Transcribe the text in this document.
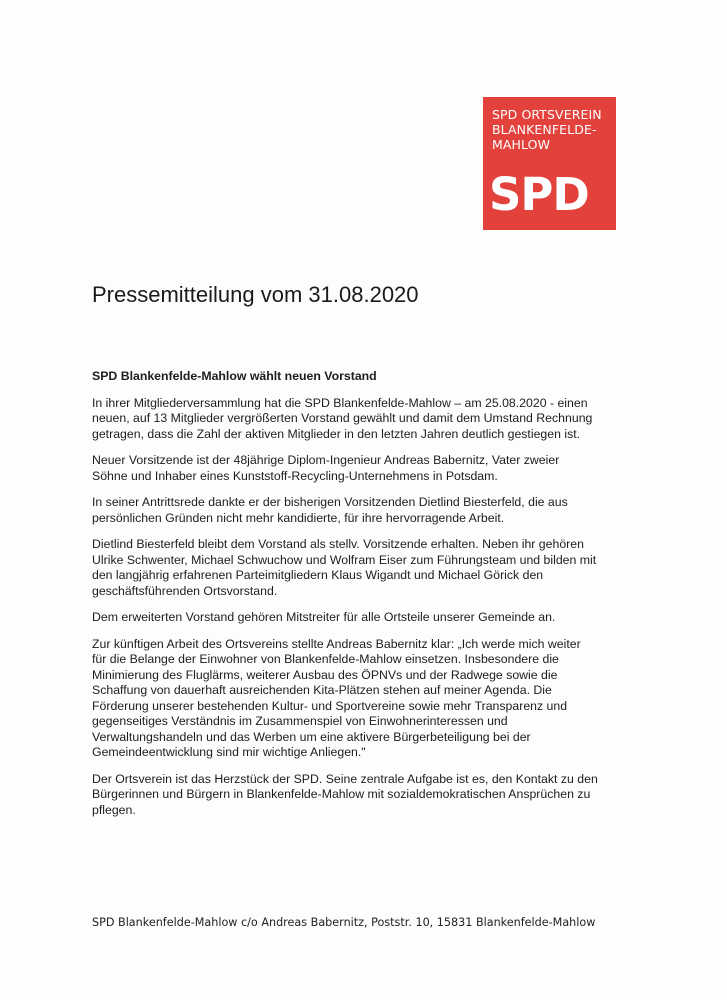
SPD ORTSVEREIN
BLANKENFELDE-
MAHLOW
SPD
Pressemitteilung vom 31.08.2020

SPD Blankenfelde-Mahlow wählt neuen Vorstand

In ihrer Mitgliederversammlung hat die SPD Blankenfelde-Mahlow – am 25.08.2020 - einen
neuen, auf 13 Mitglieder vergrößerten Vorstand gewählt und damit dem Umstand Rechnung
getragen, dass die Zahl der aktiven Mitglieder in den letzten Jahren deutlich gestiegen ist.

Neuer Vorsitzende ist der 48jährige Diplom-Ingenieur Andreas Babernitz, Vater zweier
Söhne und Inhaber eines Kunststoff-Recycling-Unternehmens in Potsdam.

In seiner Antrittsrede dankte er der bisherigen Vorsitzenden Dietlind Biesterfeld, die aus
persönlichen Gründen nicht mehr kandidierte, für ihre hervorragende Arbeit.

Dietlind Biesterfeld bleibt dem Vorstand als stellv. Vorsitzende erhalten. Neben ihr gehören
Ulrike Schwenter, Michael Schwuchow und Wolfram Eiser zum Führungsteam und bilden mit
den langjährig erfahrenen Parteimitgliedern Klaus Wigandt und Michael Görick den
geschäftsführenden Ortsvorstand.

Dem erweiterten Vorstand gehören Mitstreiter für alle Ortsteile unserer Gemeinde an.

Zur künftigen Arbeit des Ortsvereins stellte Andreas Babernitz klar: „Ich werde mich weiter
für die Belange der Einwohner von Blankenfelde-Mahlow einsetzen. Insbesondere die
Minimierung des Fluglärms, weiterer Ausbau des ÖPNVs und der Radwege sowie die
Schaffung von dauerhaft ausreichenden Kita-Plätzen stehen auf meiner Agenda. Die
Förderung unserer bestehenden Kultur- und Sportvereine sowie mehr Transparenz und
gegenseitiges Verständnis im Zusammenspiel von Einwohnerinteressen und
Verwaltungshandeln und das Werben um eine aktivere Bürgerbeteiligung bei der
Gemeindeentwicklung sind mir wichtige Anliegen."

Der Ortsverein ist das Herzstück der SPD. Seine zentrale Aufgabe ist es, den Kontakt zu den
Bürgerinnen und Bürgern in Blankenfelde-Mahlow mit sozialdemokratischen Ansprüchen zu
pflegen.

SPD Blankenfelde-Mahlow c/o Andreas Babernitz, Poststr. 10, 15831 Blankenfelde-Mahlow
